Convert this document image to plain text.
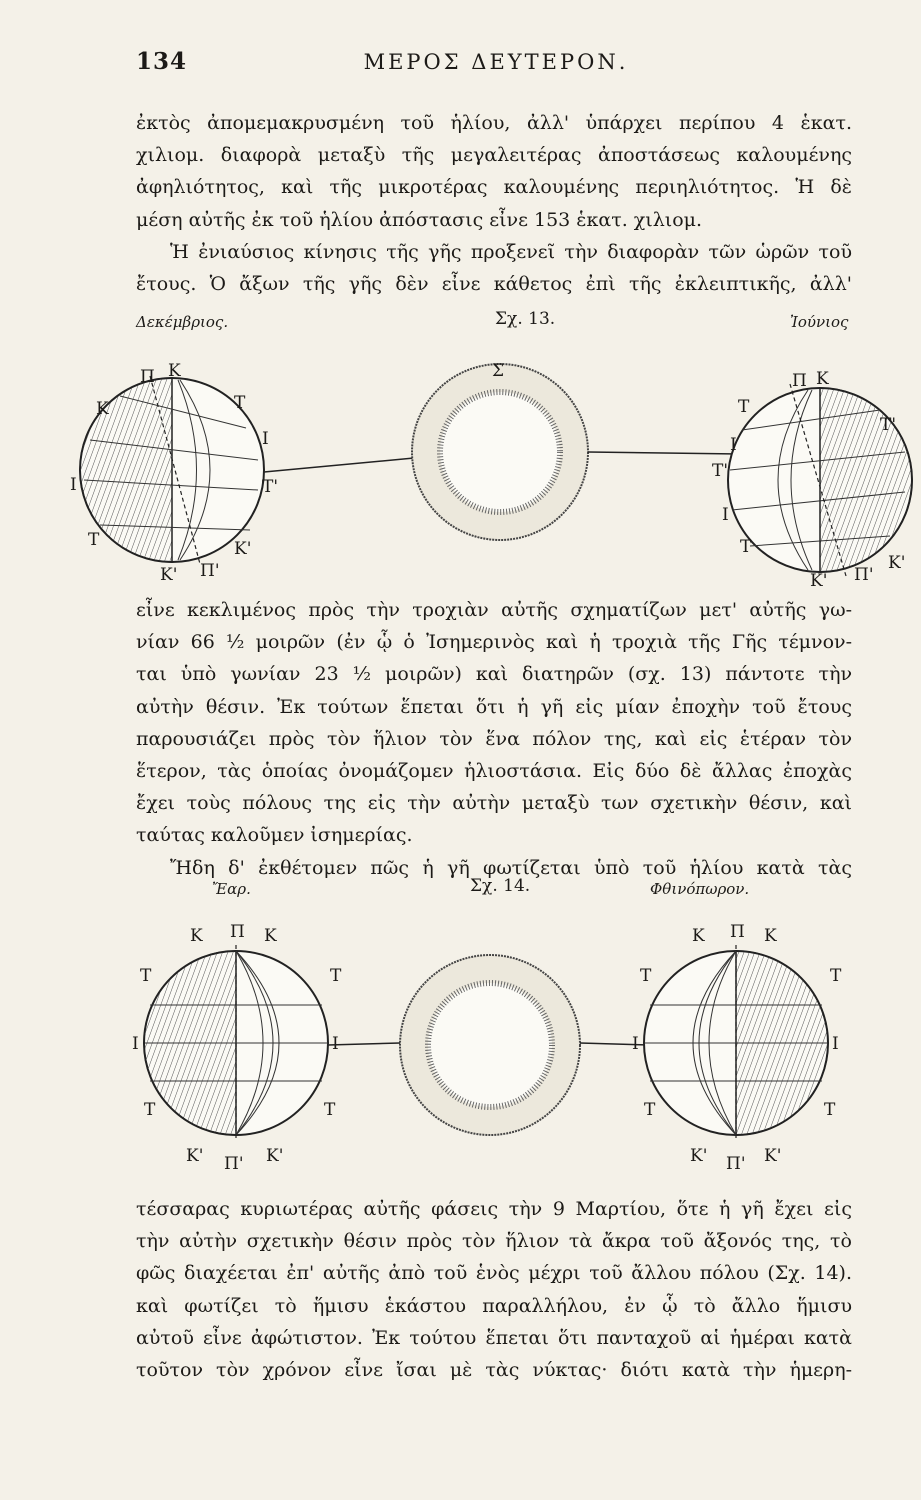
134	ΜΕΡΟΣ ΔΕΥΤΕΡΟΝ.
ἐκτὸς ἀπομεμακρυσμένη τοῦ ἡλίου, ἀλλ' ὑπάρχει περίπου 4 ἑκατ.
χιλιομ. διαφορὰ μεταξὺ τῆς μεγαλειτέρας ἀποστάσεως καλουμένης
ἀφηλιότητος, καὶ τῆς μικροτέρας καλουμένης περιηλιότητος. Ἡ δὲ
μέση αὐτῆς ἐκ τοῦ ἡλίου ἀπόστασις εἶνε 153 ἑκατ. χιλιομ.
Ἡ ἐνιαύσιος κίνησις τῆς γῆς προξενεῖ τὴν διαφορὰν τῶν ὡρῶν τοῦ
ἔτους. Ὁ ἄξων τῆς γῆς δὲν εἶνε κάθετος ἐπὶ τῆς ἐκλειπτικῆς, ἀλλ'
Δεκέμβριος.	Σχ. 13.	Ἰούνιος
Π Κ
Τ
Ι
Τ'
Ι
Τ	Κ'
Π'
Κ
Κ'
Σ	Π Κ
Τ
Ι
Τ'
Ι
Τ
Κ' Π'
Κ'
Τ'
εἶνε κεκλιμένος πρὸς τὴν τροχιὰν αὐτῆς σχηματίζων μετ' αὐτῆς γω-
νίαν 66 ½ μοιρῶν (ἐν ᾧ ὁ Ἰσημερινὸς καὶ ἡ τροχιὰ τῆς Γῆς τέμνον-
ται ὑπὸ γωνίαν 23 ½ μοιρῶν) καὶ διατηρῶν (σχ. 13) πάντοτε τὴν
αὐτὴν θέσιν. Ἐκ τούτων ἕπεται ὅτι ἡ γῆ εἰς μίαν ἐποχὴν τοῦ ἔτους
παρουσιάζει πρὸς τὸν ἥλιον τὸν ἕνα πόλον της, καὶ εἰς ἑτέραν τὸν
ἕτερον, τὰς ὁποίας ὀνομάζομεν ἡλιοστάσια. Εἰς δύο δὲ ἄλλας ἐποχὰς
ἔχει τοὺς πόλους της εἰς τὴν αὐτὴν μεταξὺ των σχετικὴν θέσιν, καὶ
ταύτας καλοῦμεν ἰσημερίας.
Ἤδη δ' ἐκθέτομεν πῶς ἡ γῆ φωτίζεται ὑπὸ τοῦ ἡλίου κατὰ τὰς
Ἔαρ.	Σχ. 14.	Φθινόπωρον.
Κ Π Κ
Τ	Τ
Ι	Ι
Τ	Τ
Κ' Π' Κ'
Κ Π Κ
Τ	Τ
Ι	Ι
Τ	Τ
Κ' Π' Κ'
τέσσαρας κυριωτέρας αὐτῆς φάσεις τὴν 9 Μαρτίου, ὅτε ἡ γῆ ἔχει εἰς
τὴν αὐτὴν σχετικὴν θέσιν πρὸς τὸν ἥλιον τὰ ἄκρα τοῦ ἄξονός της, τὸ
φῶς διαχέεται ἐπ' αὐτῆς ἀπὸ τοῦ ἑνὸς μέχρι τοῦ ἄλλου πόλου (Σχ. 14).
καὶ φωτίζει τὸ ἥμισυ ἑκάστου παραλλήλου, ἐν ᾧ τὸ ἄλλο ἥμισυ
αὐτοῦ εἶνε ἀφώτιστον. Ἐκ τούτου ἕπεται ὅτι πανταχοῦ αἱ ἡμέραι κατὰ
τοῦτον τὸν χρόνον εἶνε ἴσαι μὲ τὰς νύκτας· διότι κατὰ τὴν ἡμερη-
